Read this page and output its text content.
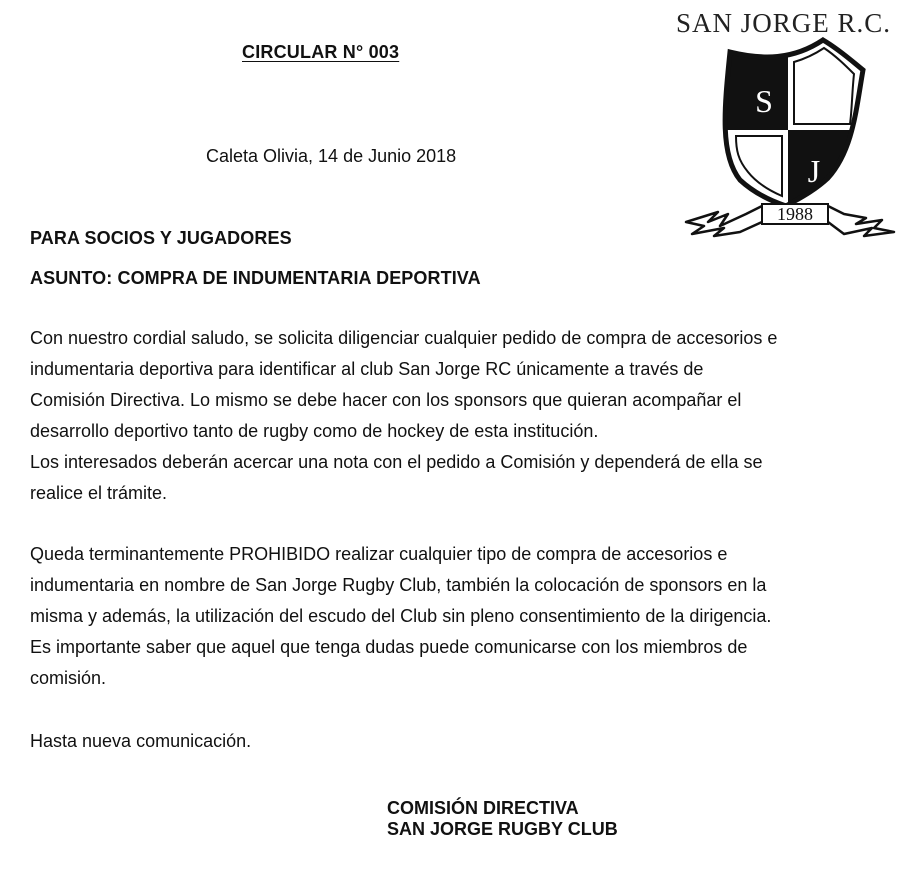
CIRCULAR N° 003
Caleta Olivia, 14 de Junio 2018
SAN JORGE R.C.
S
J
1988
PARA SOCIOS Y JUGADORES
ASUNTO: COMPRA DE INDUMENTARIA DEPORTIVA

Con nuestro cordial saludo, se solicita diligenciar cualquier pedido de compra de accesorios e

indumentaria deportiva para identificar al club San Jorge RC únicamente a través de

Comisión Directiva. Lo mismo se debe hacer con los sponsors que quieran acompañar el

desarrollo deportivo tanto de rugby como de hockey de esta institución.

Los interesados deberán acercar una nota con el pedido a Comisión y dependerá de ella se

realice el trámite.

Queda terminantemente PROHIBIDO realizar cualquier tipo de compra de accesorios e

indumentaria en nombre de San Jorge Rugby Club, también la colocación de sponsors en la

misma y además, la utilización del escudo del Club sin pleno consentimiento de la dirigencia.

Es importante saber que aquel que tenga dudas puede comunicarse con los miembros de

comisión.

Hasta nueva comunicación.

COMISIÓN DIRECTIVA
SAN JORGE RUGBY CLUB
